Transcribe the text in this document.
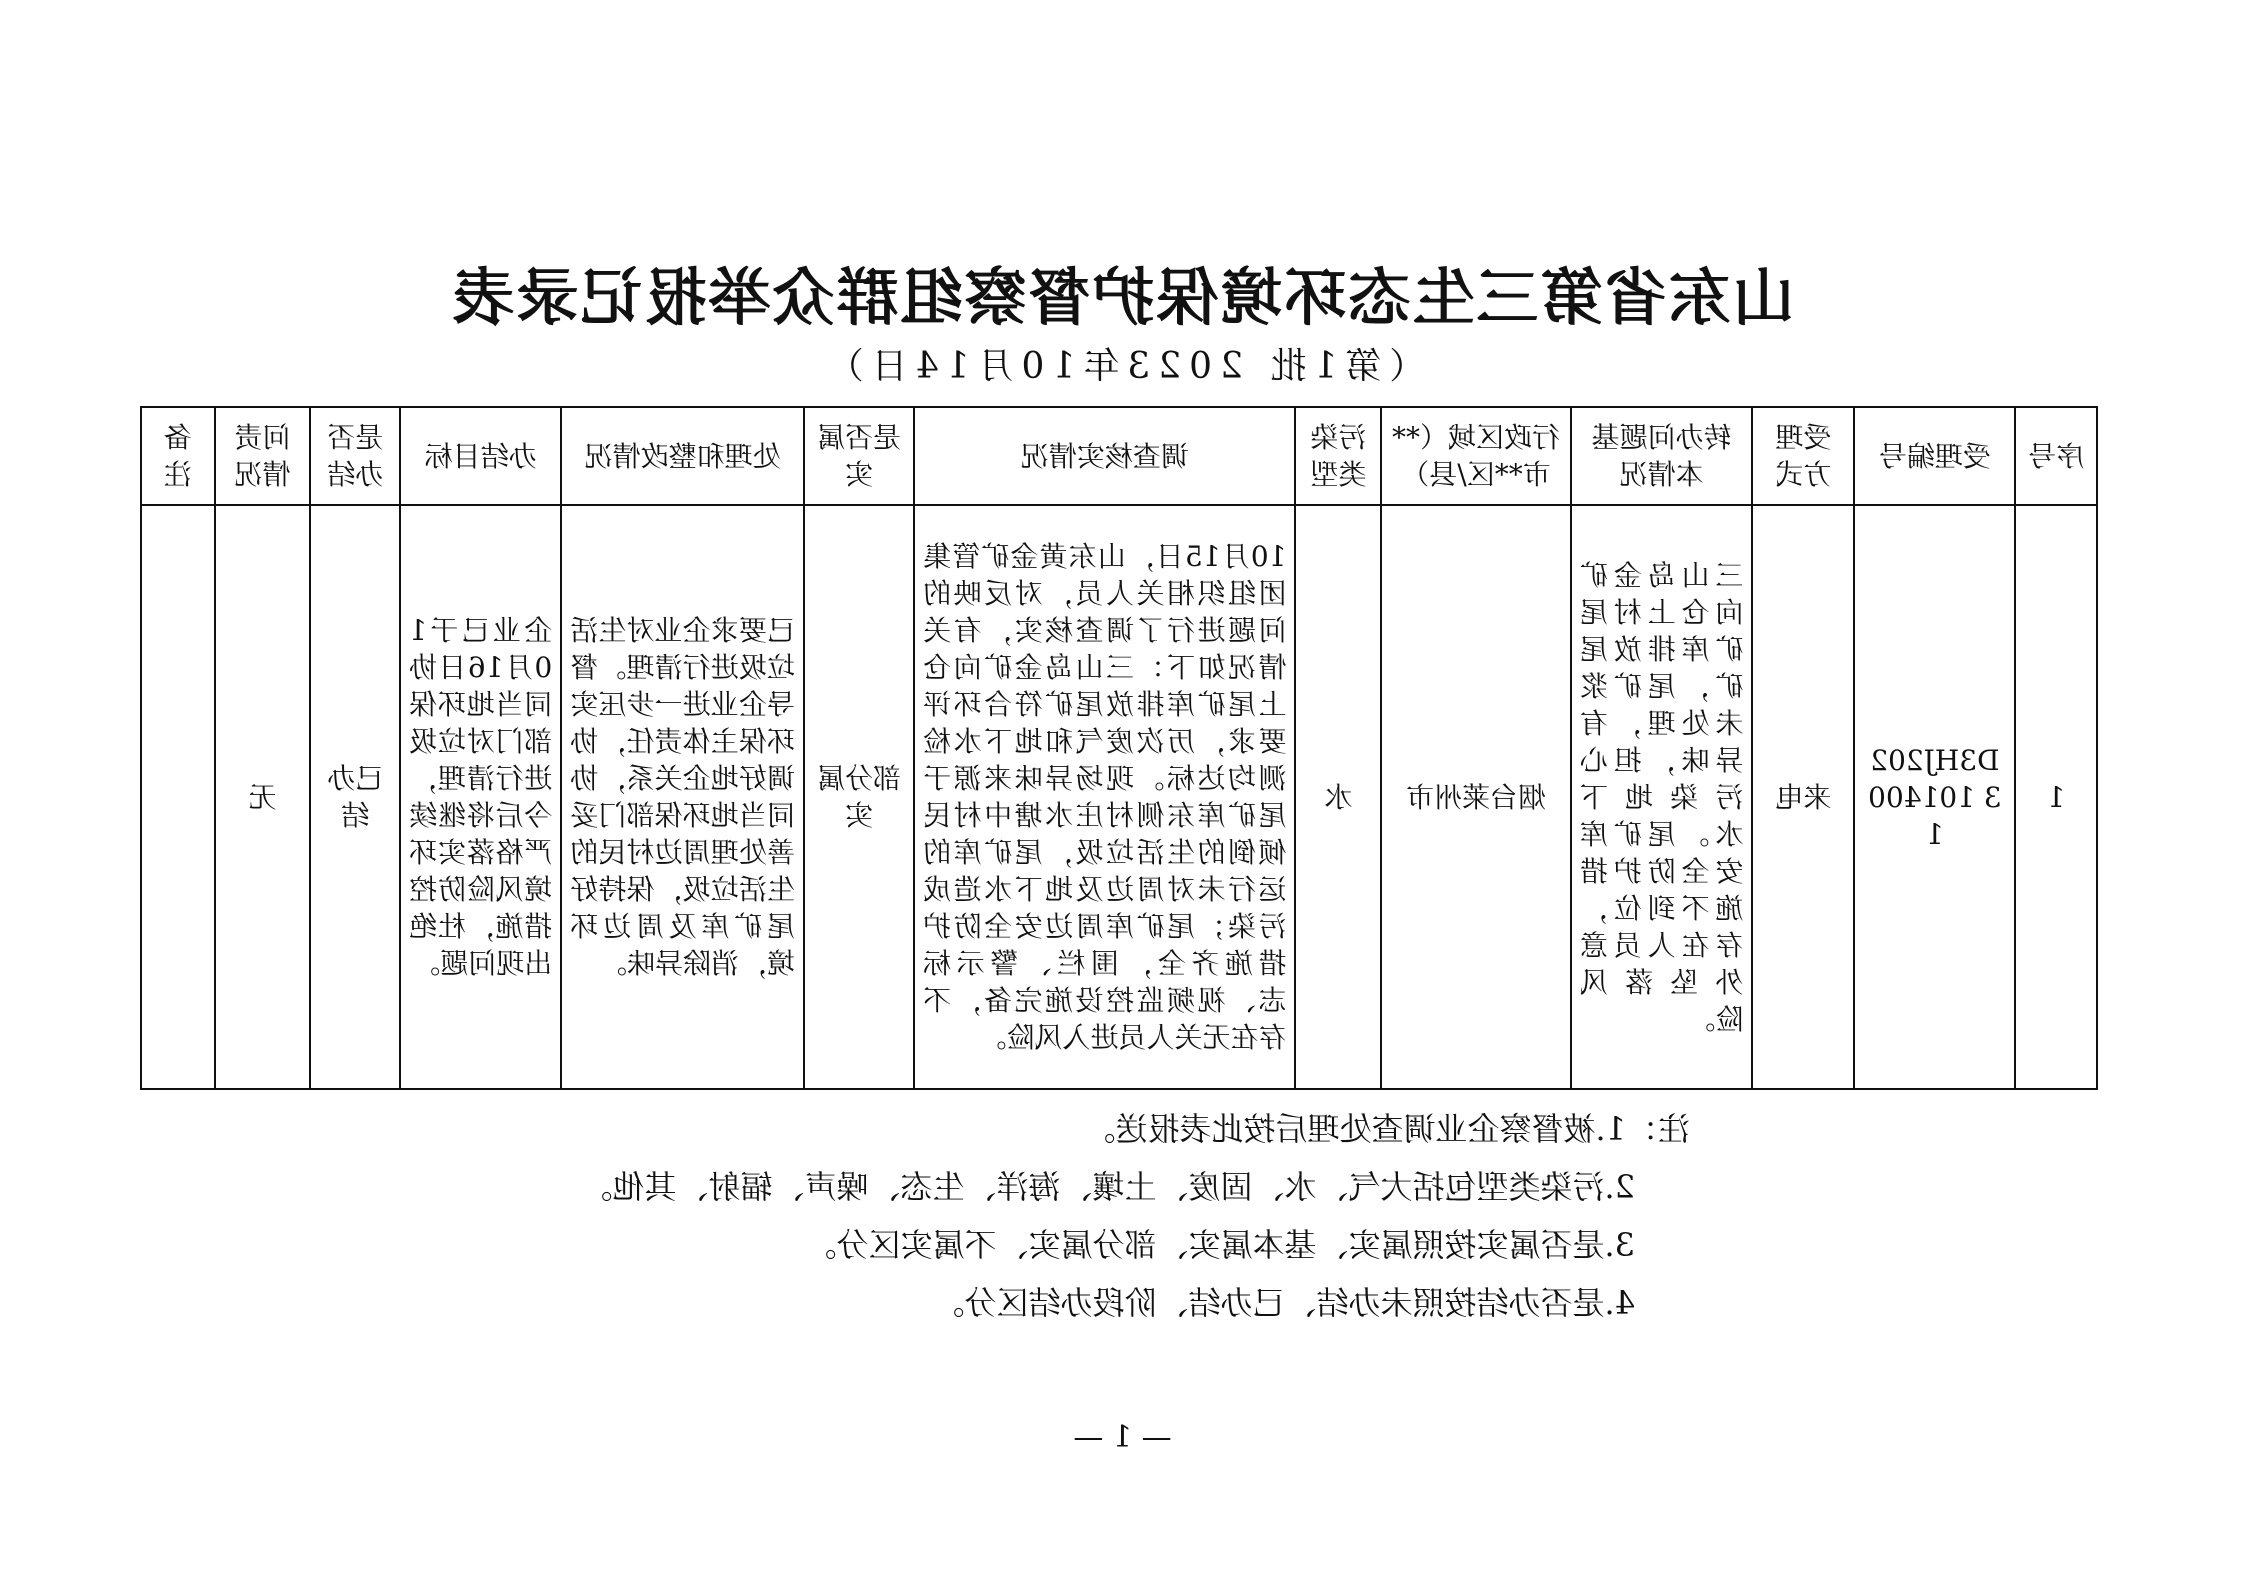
山东省第三生态环境保护督察组群众举报记录表
（第1批 2023年10月14日）
序号	受理编号	受理方式	转办问题基本情况	行政区域（**市**区/县）	污染类型	调查核实情况	是否属实	处理和整改情况	办结目标	是否办结	问责情况	备注
1	D3HJ2023 1014001	来电	三山岛金矿向仓上村尾矿库排放尾矿，尾矿浆未处理，有异味，担心污染地下水。尾矿库安全防护措施不到位，存在人员意外坠落风险。	烟台莱州市	水	10月15日，山东黄金矿管集团组织相关人员，对反映的问题进行了调查核实，有关情况如下：三山岛金矿向仓上尾矿库排放尾矿符合环评要求，历次废气和地下水检测均达标。现场异味来源于尾矿库东侧村庄水塘中村民倾倒的生活垃圾，尾矿库的运行未对周边及地下水造成污染；尾矿库周边安全防护措施齐全，围栏、警示标志、视频监控设施完备，不存在无关人员进入风险。	部分属实	已要求企业对生活垃圾进行清理。督导企业进一步压实环保主体责任，协调好地企关系，协同当地环保部门妥善处理周边村民的生活垃圾，保持好尾矿库及周边环境，消除异味。	企业已于10月16日协同当地环保部门对垃圾进行清理，今后将继续严格落实环境风险防控措施，杜绝出现问题。	已办结	无	
注：1.被督察企业调查处理后按此表报送。
2.污染类型包括大气、水、固废、土壤、海洋、生态、噪声、辐射、其他。
3.是否属实按照属实、基本属实、部分属实、不属实区分。
4.是否办结按照未办结、已办结、阶段办结区分。
— 1 —
